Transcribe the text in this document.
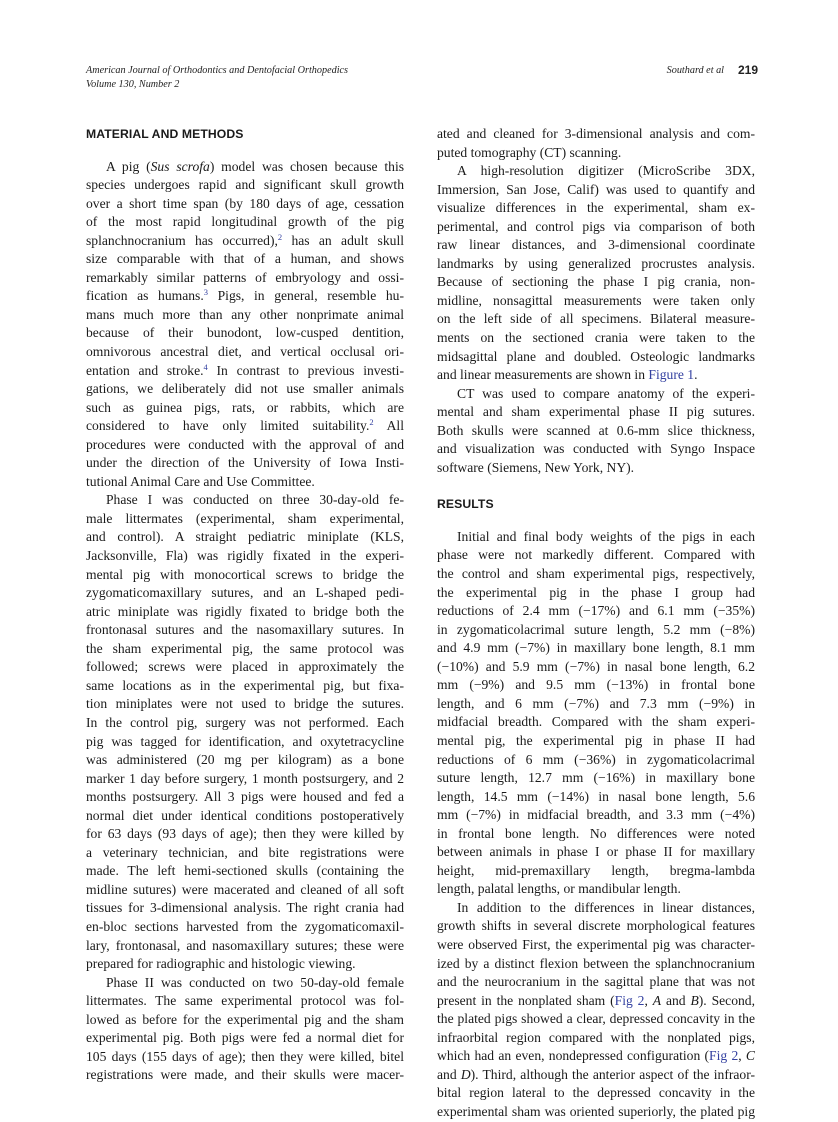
American Journal of Orthodontics and Dentofacial Orthopedics
Volume 130, Number 2
Southard et al 219
MATERIAL AND METHODS
A pig (Sus scrofa) model was chosen because this
species undergoes rapid and significant skull growth
over a short time span (by 180 days of age, cessation
of the most rapid longitudinal growth of the pig
splanchnocranium has occurred),$^2$ has an adult skull
size comparable with that of a human, and shows
remarkably similar patterns of embryology and ossi-
fication as humans.$^3$ Pigs, in general, resemble hu-
mans much more than any other nonprimate animal
because of their bunodont, low-cusped dentition,
omnivorous ancestral diet, and vertical occlusal ori-
entation and stroke.$^4$ In contrast to previous investi-
gations, we deliberately did not use smaller animals
such as guinea pigs, rats, or rabbits, which are
considered to have only limited suitability.$^2$ All
procedures were conducted with the approval of and
under the direction of the University of Iowa Insti-
tutional Animal Care and Use Committee.
Phase I was conducted on three 30-day-old fe-
male littermates (experimental, sham experimental,
and control). A straight pediatric miniplate (KLS,
Jacksonville, Fla) was rigidly fixated in the experi-
mental pig with monocortical screws to bridge the
zygomaticomaxillary sutures, and an L-shaped pedi-
atric miniplate was rigidly fixated to bridge both the
frontonasal sutures and the nasomaxillary sutures. In
the sham experimental pig, the same protocol was
followed; screws were placed in approximately the
same locations as in the experimental pig, but fixa-
tion miniplates were not used to bridge the sutures.
In the control pig, surgery was not performed. Each
pig was tagged for identification, and oxytetracycline
was administered (20 mg per kilogram) as a bone
marker 1 day before surgery, 1 month postsurgery, and 2
months postsurgery. All 3 pigs were housed and fed a
normal diet under identical conditions postoperatively
for 63 days (93 days of age); then they were killed by
a veterinary technician, and bite registrations were
made. The left hemi-sectioned skulls (containing the
midline sutures) were macerated and cleaned of all soft
tissues for 3-dimensional analysis. The right crania had
en-bloc sections harvested from the zygomaticomaxil-
lary, frontonasal, and nasomaxillary sutures; these were
prepared for radiographic and histologic viewing.
Phase II was conducted on two 50-day-old female
littermates. The same experimental protocol was fol-
lowed as before for the experimental pig and the sham
experimental pig. Both pigs were fed a normal diet for
105 days (155 days of age); then they were killed, bitel
registrations were made, and their skulls were macer-
ated and cleaned for 3-dimensional analysis and com-
puted tomography (CT) scanning.
A high-resolution digitizer (MicroScribe 3DX,
Immersion, San Jose, Calif) was used to quantify and
visualize differences in the experimental, sham ex-
perimental, and control pigs via comparison of both
raw linear distances, and 3-dimensional coordinate
landmarks by using generalized procrustes analysis.
Because of sectioning the phase I pig crania, non-
midline, nonsagittal measurements were taken only
on the left side of all specimens. Bilateral measure-
ments on the sectioned crania were taken to the
midsagittal plane and doubled. Osteologic landmarks
and linear measurements are shown in Figure 1.
CT was used to compare anatomy of the experi-
mental and sham experimental phase II pig sutures.
Both skulls were scanned at 0.6-mm slice thickness,
and visualization was conducted with Syngo Inspace
software (Siemens, New York, NY).
RESULTS
Initial and final body weights of the pigs in each
phase were not markedly different. Compared with
the control and sham experimental pigs, respectively,
the experimental pig in the phase I group had
reductions of 2.4 mm (−17%) and 6.1 mm (−35%)
in zygomaticolacrimal suture length, 5.2 mm (−8%)
and 4.9 mm (−7%) in maxillary bone length, 8.1 mm
(−10%) and 5.9 mm (−7%) in nasal bone length, 6.2
mm (−9%) and 9.5 mm (−13%) in frontal bone
length, and 6 mm (−7%) and 7.3 mm (−9%) in
midfacial breadth. Compared with the sham experi-
mental pig, the experimental pig in phase II had
reductions of 6 mm (−36%) in zygomaticolacrimal
suture length, 12.7 mm (−16%) in maxillary bone
length, 14.5 mm (−14%) in nasal bone length, 5.6
mm (−7%) in midfacial breadth, and 3.3 mm (−4%)
in frontal bone length. No differences were noted
between animals in phase I or phase II for maxillary
height, mid-premaxillary length, bregma-lambda
length, palatal lengths, or mandibular length.
In addition to the differences in linear distances,
growth shifts in several discrete morphological features
were observed First, the experimental pig was character-
ized by a distinct flexion between the splanchnocranium
and the neurocranium in the sagittal plane that was not
present in the nonplated sham (Fig 2, A and B). Second,
the plated pigs showed a clear, depressed concavity in the
infraorbital region compared with the nonplated pigs,
which had an even, nondepressed configuration (Fig 2, C
and D). Third, although the anterior aspect of the infraor-
bital region lateral to the depressed concavity in the
experimental sham was oriented superiorly, the plated pig
